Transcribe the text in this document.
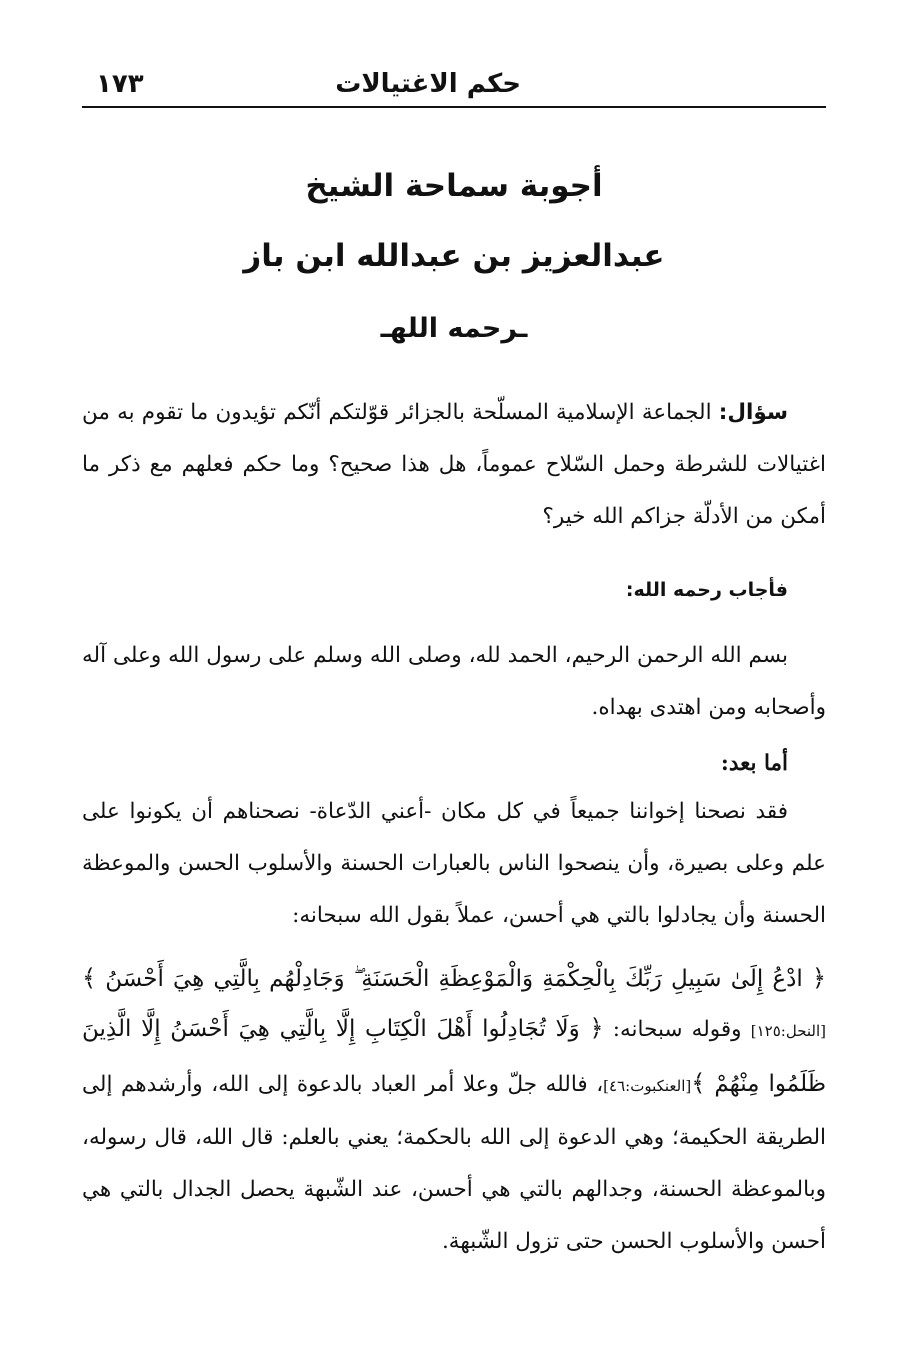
حكم الاغتيالات
١٧٣
أجوبة سماحة الشيخ
عبدالعزيز بن عبدالله ابن باز
ـرحمه اللهـ
سؤال: الجماعة الإسلامية المسلّحة بالجزائر قوّلتكم أنّكم تؤيدون ما تقوم به من اغتيالات للشرطة وحمل السّلاح عموماً، هل هذا صحيح؟ وما حكم فعلهم مع ذكر ما أمكن من الأدلّة جزاكم الله خير؟
فأجاب رحمه الله:
بسم الله الرحمن الرحيم، الحمد لله، وصلى الله وسلم على رسول الله وعلى آله وأصحابه ومن اهتدى بهداه.
أما بعد:
فقد نصحنا إخواننا جميعاً في كل مكان -أعني الدّعاة- نصحناهم أن يكونوا على علم وعلى بصيرة، وأن ينصحوا الناس بالعبارات الحسنة والأسلوب الحسن والموعظة الحسنة وأن يجادلوا بالتي هي أحسن، عملاً بقول الله سبحانه:
﴿ ادْعُ إِلَىٰ سَبِيلِ رَبِّكَ بِالْحِكْمَةِ وَالْمَوْعِظَةِ الْحَسَنَةِ ۖ وَجَادِلْهُم بِالَّتِي هِيَ أَحْسَنُ ﴾
[النحل:١٢٥] وقوله سبحانه: ﴿ وَلَا تُجَادِلُوا أَهْلَ الْكِتَابِ إِلَّا بِالَّتِي هِيَ أَحْسَنُ إِلَّا الَّذِينَ ظَلَمُوا مِنْهُمْ ﴾[العنكبوت:٤٦]، فالله جلّ وعلا أمر العباد بالدعوة إلى الله، وأرشدهم إلى الطريقة الحكيمة؛ وهي الدعوة إلى الله بالحكمة؛ يعني بالعلم: قال الله، قال رسوله، وبالموعظة الحسنة، وجدالهم بالتي هي أحسن، عند الشّبهة يحصل الجدال بالتي هي أحسن والأسلوب الحسن حتى تزول الشّبهة.
